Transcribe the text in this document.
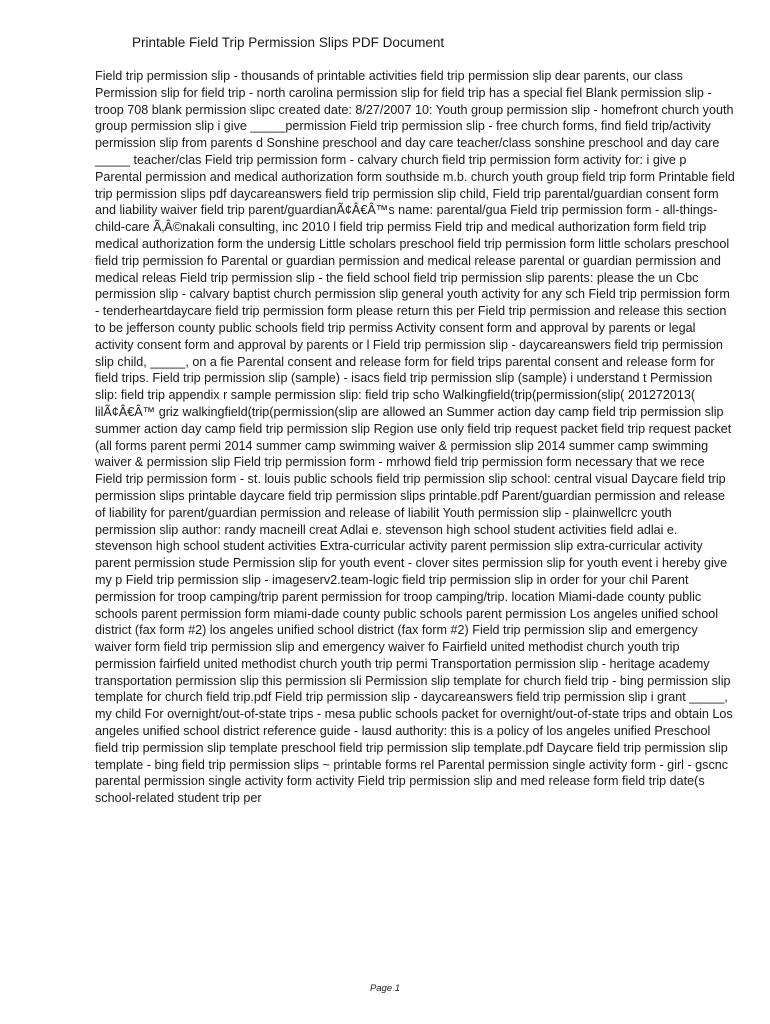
Printable Field Trip Permission Slips PDF Document
Field trip permission slip - thousands of printable activities field trip permission slip dear parents, our class Permission slip for field trip - north carolina permission slip for field trip has a special fiel Blank permission slip - troop 708 blank permission slipc created date: 8/27/2007 10: Youth group permission slip - homefront church youth group permission slip i give _____permission Field trip permission slip - free church forms, find field trip/activity permission slip from parents d Sonshine preschool and day care teacher/class sonshine preschool and day care _____ teacher/clas Field trip permission form - calvary church field trip permission form activity for: i give p Parental permission and medical authorization form southside m.b. church youth group field trip form Printable field trip permission slips pdf daycareanswers field trip permission slip child, Field trip parental/guardian consent form and liability waiver field trip parent/guardianÃ¢Â€Â™s name: parental/gua Field trip permission form - all-things-child-care Ã‚Â©nakali consulting, inc 2010 l field trip permiss Field trip and medical authorization form field trip medical authorization form the undersig Little scholars preschool field trip permission form little scholars preschool field trip permission fo Parental or guardian permission and medical release parental or guardian permission and medical releas Field trip permission slip - the field school field trip permission slip parents: please the un Cbc permission slip - calvary baptist church permission slip general youth activity for any sch Field trip permission form - tenderheartdaycare field trip permission form please return this per Field trip permission and release this section to be jefferson county public schools field trip permiss Activity consent form and approval by parents or legal activity consent form and approval by parents or l Field trip permission slip - daycareanswers field trip permission slip child, _____, on a fie Parental consent and release form for field trips parental consent and release form for field trips. Field trip permission slip (sample) - isacs field trip permission slip (sample) i understand t Permission slip: field trip appendix r sample permission slip: field trip scho Walkingfield(trip(permission(slip( 201272013( lilÃ¢Â€Â™ griz walkingfield(trip(permission(slip are allowed an Summer action day camp field trip permission slip summer action day camp field trip permission slip Region use only field trip request packet field trip request packet (all forms parent permi 2014 summer camp swimming waiver & permission slip 2014 summer camp swimming waiver & permission slip Field trip permission form - mrhowd field trip permission form necessary that we rece Field trip permission form - st. louis public schools field trip permission slip school: central visual Daycare field trip permission slips printable daycare field trip permission slips printable.pdf Parent/guardian permission and release of liability for parent/guardian permission and release of liabilit Youth permission slip - plainwellcrc youth permission slip author: randy macneill creat Adlai e. stevenson high school student activities field adlai e. stevenson high school student activities Extra-curricular activity parent permission slip extra-curricular activity parent permission stude Permission slip for youth event - clover sites permission slip for youth event i hereby give my p Field trip permission slip - imageserv2.team-logic field trip permission slip in order for your chil Parent permission for troop camping/trip parent permission for troop camping/trip. location Miami-dade county public schools parent permission form miami-dade county public schools parent permission Los angeles unified school district (fax form #2) los angeles unified school district (fax form #2) Field trip permission slip and emergency waiver form field trip permission slip and emergency waiver fo Fairfield united methodist church youth trip permission fairfield united methodist church youth trip permi Transportation permission slip - heritage academy transportation permission slip this permission sli Permission slip template for church field trip - bing permission slip template for church field trip.pdf Field trip permission slip - daycareanswers field trip permission slip i grant _____, my child For overnight/out-of-state trips - mesa public schools packet for overnight/out-of-state trips and obtain Los angeles unified school district reference guide - lausd authority: this is a policy of los angeles unified Preschool field trip permission slip template preschool field trip permission slip template.pdf Daycare field trip permission slip template - bing field trip permission slips ~ printable forms rel Parental permission single activity form - girl - gscnc parental permission single activity form activity Field trip permission slip and med release form field trip date(s school-related student trip per
Page 1
